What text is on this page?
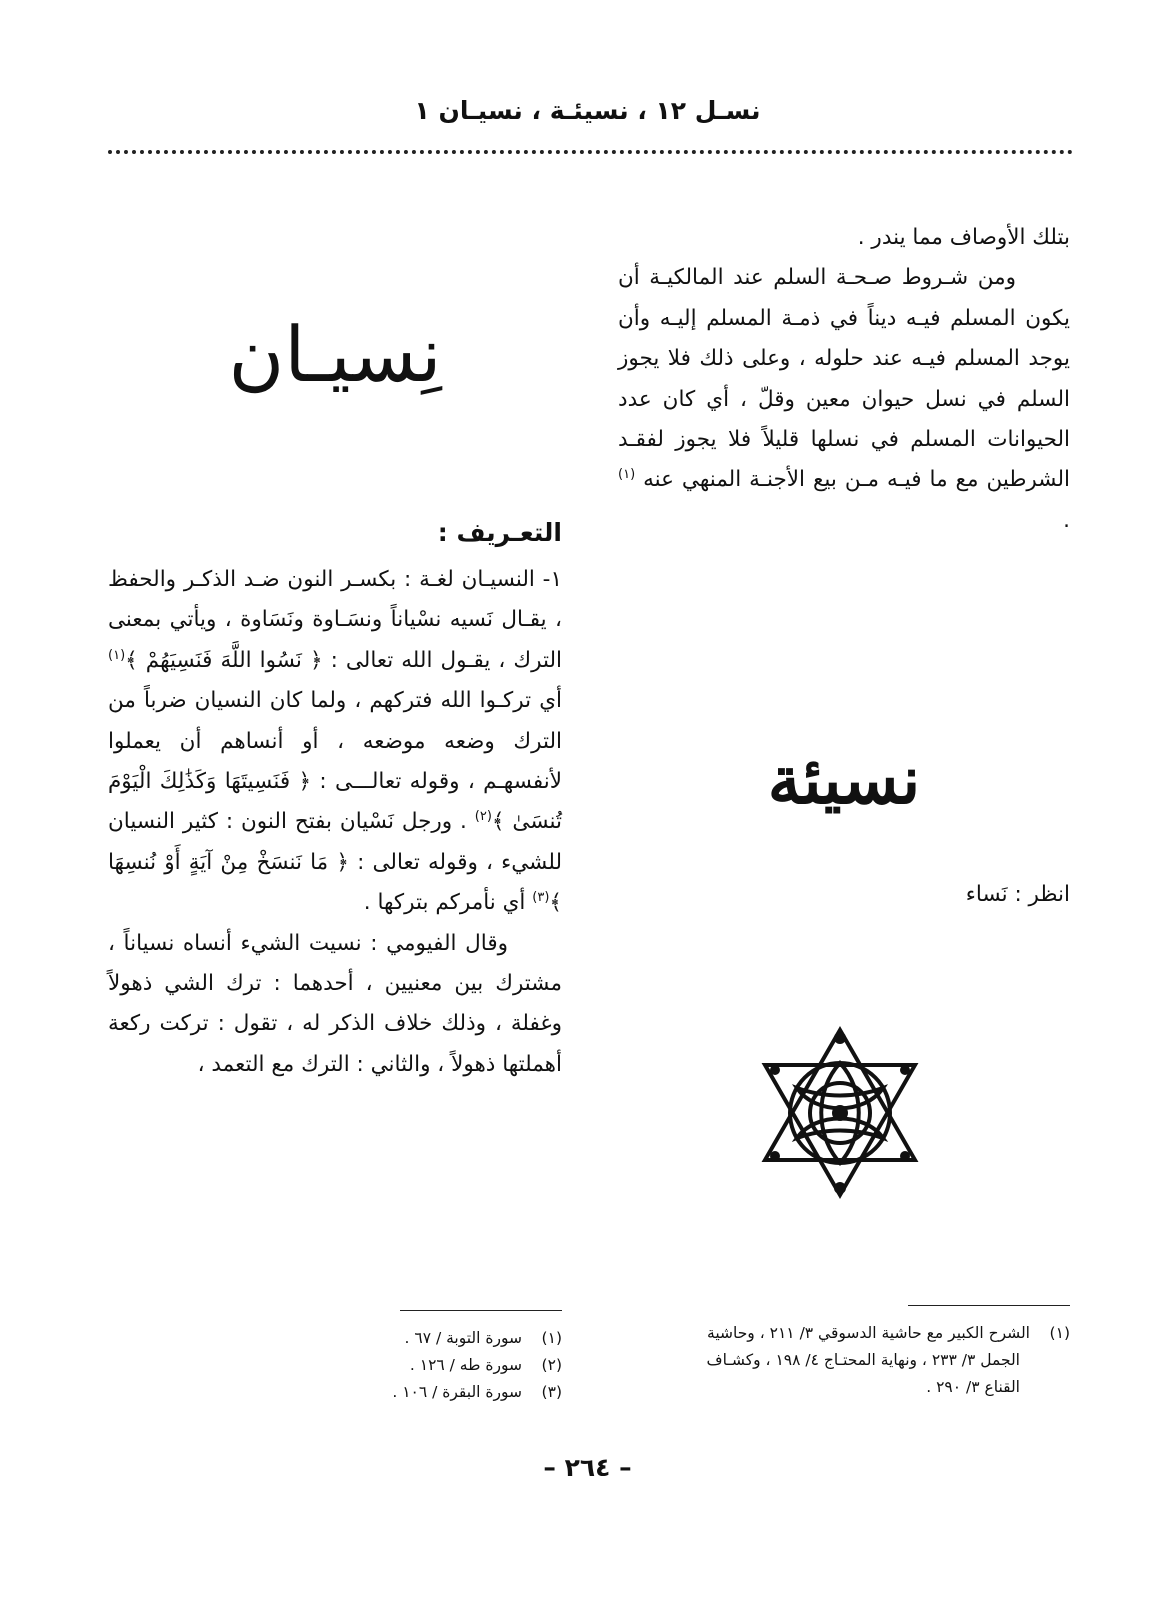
نسـل ١٢ ، نسيئـة ، نسيـان ١

بتلك الأوصاف مما يندر .

ومن شـروط صـحـة السلم عند المالكيـة أن يكون المسلم فيـه ديناً في ذمـة المسلم إليـه وأن يوجد المسلم فيـه عند حلوله ، وعلى ذلك فلا يجوز السلم في نسل حيوان معين وقلّ ، أي كان عدد الحيوانات المسلم في نسلها قليلاً فلا يجوز لفقـد الشرطين مع ما فيـه مـن بيع الأجنـة المنهي عنه $^{(١)}$ .

نِسيـان
نسيئة
انظر : نَساء
التعـريف :

١- النسيـان لغـة : بكسـر النون ضـد الذكـر والحفظ ، يقـال نَسيه نسْياناً ونسَـاوة ونَسَاوة ، ويأتي بمعنى الترك ، يقـول الله تعالى : ﴿ نَسُوا اللَّهَ فَنَسِيَهُمْ ﴾$^{(١)}$ أي تركـوا الله فتركهم ، ولما كان النسيان ضرباً من الترك وضعه موضعه ، أو أنساهم أن يعملوا لأنفسهـم ، وقوله تعالـــى : ﴿ فَنَسِيتَهَا وَكَذَٰلِكَ الْيَوْمَ تُنسَىٰ ﴾$^{(٢)}$ . ورجل نَسْيان بفتح النون : كثير النسيان للشيء ، وقوله تعالى : ﴿ مَا نَنسَخْ مِنْ آيَةٍ أَوْ نُنسِهَا ﴾$^{(٣)}$ أي نأمركم بتركها .

وقال الفيومي : نسيت الشيء أنساه نسياناً ، مشترك بين معنيين ، أحدهما : ترك الشي ذهولاً وغفلة ، وذلك خلاف الذكر له ، تقول : تركت ركعة أهملتها ذهولاً ، والثاني : الترك مع التعمد ،

(١)الشرح الكبير مع حاشية الدسوقي ٣/ ٢١١ ، وحاشية

الجمل ٣/ ٢٣٣ ، ونهاية المحتـاج ٤/ ١٩٨ ، وكشـاف

القناع ٣/ ٢٩٠ .

(١)سورة التوبة / ٦٧ .

(٢)سورة طه / ١٢٦ .

(٣)سورة البقرة / ١٠٦ .

– ٢٦٤ –
